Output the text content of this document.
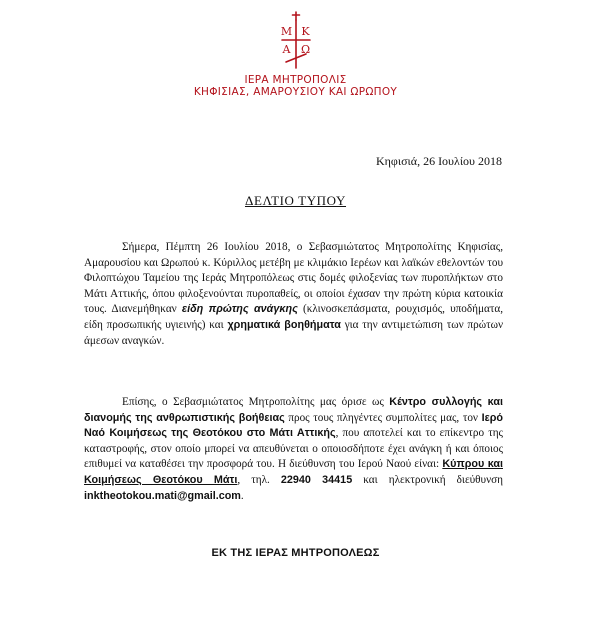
Μ Κ
Α Ω
ΙΕΡΑ ΜΗΤΡΟΠΟΛΙΣ
ΚΗΦΙΣΙΑΣ, ΑΜΑΡΟΥΣΙΟΥ ΚΑΙ ΩΡΩΠΟΥ
Κηφισιά, 26 Ιουλίου 2018
ΔΕΛΤΙΟ ΤΥΠΟΥ
Σήμερα, Πέμπτη 26 Ιουλίου 2018, ο Σεβασμιώτατος Μητροπολίτης Κηφισίας, Αμαρουσίου και Ωρωπού κ. Κύριλλος μετέβη με κλιμάκιο Ιερέων και λαϊκών εθελοντών του Φιλοπτώχου Ταμείου της Ιεράς Μητροπόλεως στις δομές φιλοξενίας των πυροπλήκτων στο Μάτι Αττικής, όπου φιλοξενούνται πυροπαθείς, οι οποίοι έχασαν την πρώτη κύρια κατοικία τους. Διανεμήθηκαν είδη πρώτης ανάγκης (κλινοσκεπάσματα, ρουχισμός, υποδήματα, είδη προσωπικής υγιεινής) και χρηματικά βοηθήματα για την αντιμετώπιση των πρώτων άμεσων αναγκών.
Επίσης, ο Σεβασμιώτατος Μητροπολίτης μας όρισε ως Κέντρο συλλογής και διανομής της ανθρωπιστικής βοήθειας προς τους πληγέντες συμπολίτες μας, τον Ιερό Ναό Κοιμήσεως της Θεοτόκου στο Μάτι Αττικής, που αποτελεί και το επίκεντρο της καταστροφής, στον οποίο μπορεί να απευθύνεται ο οποιοσδήποτε έχει ανάγκη ή και όποιος επιθυμεί να καταθέσει την προσφορά του. Η διεύθυνση του Ιερού Ναού είναι: Κύπρου και Κοιμήσεως Θεοτόκου Μάτι, τηλ. 22940 34415 και ηλεκτρονική διεύθυνση inktheotokou.mati@gmail.com.
ΕΚ ΤΗΣ ΙΕΡΑΣ ΜΗΤΡΟΠΟΛΕΩΣ
